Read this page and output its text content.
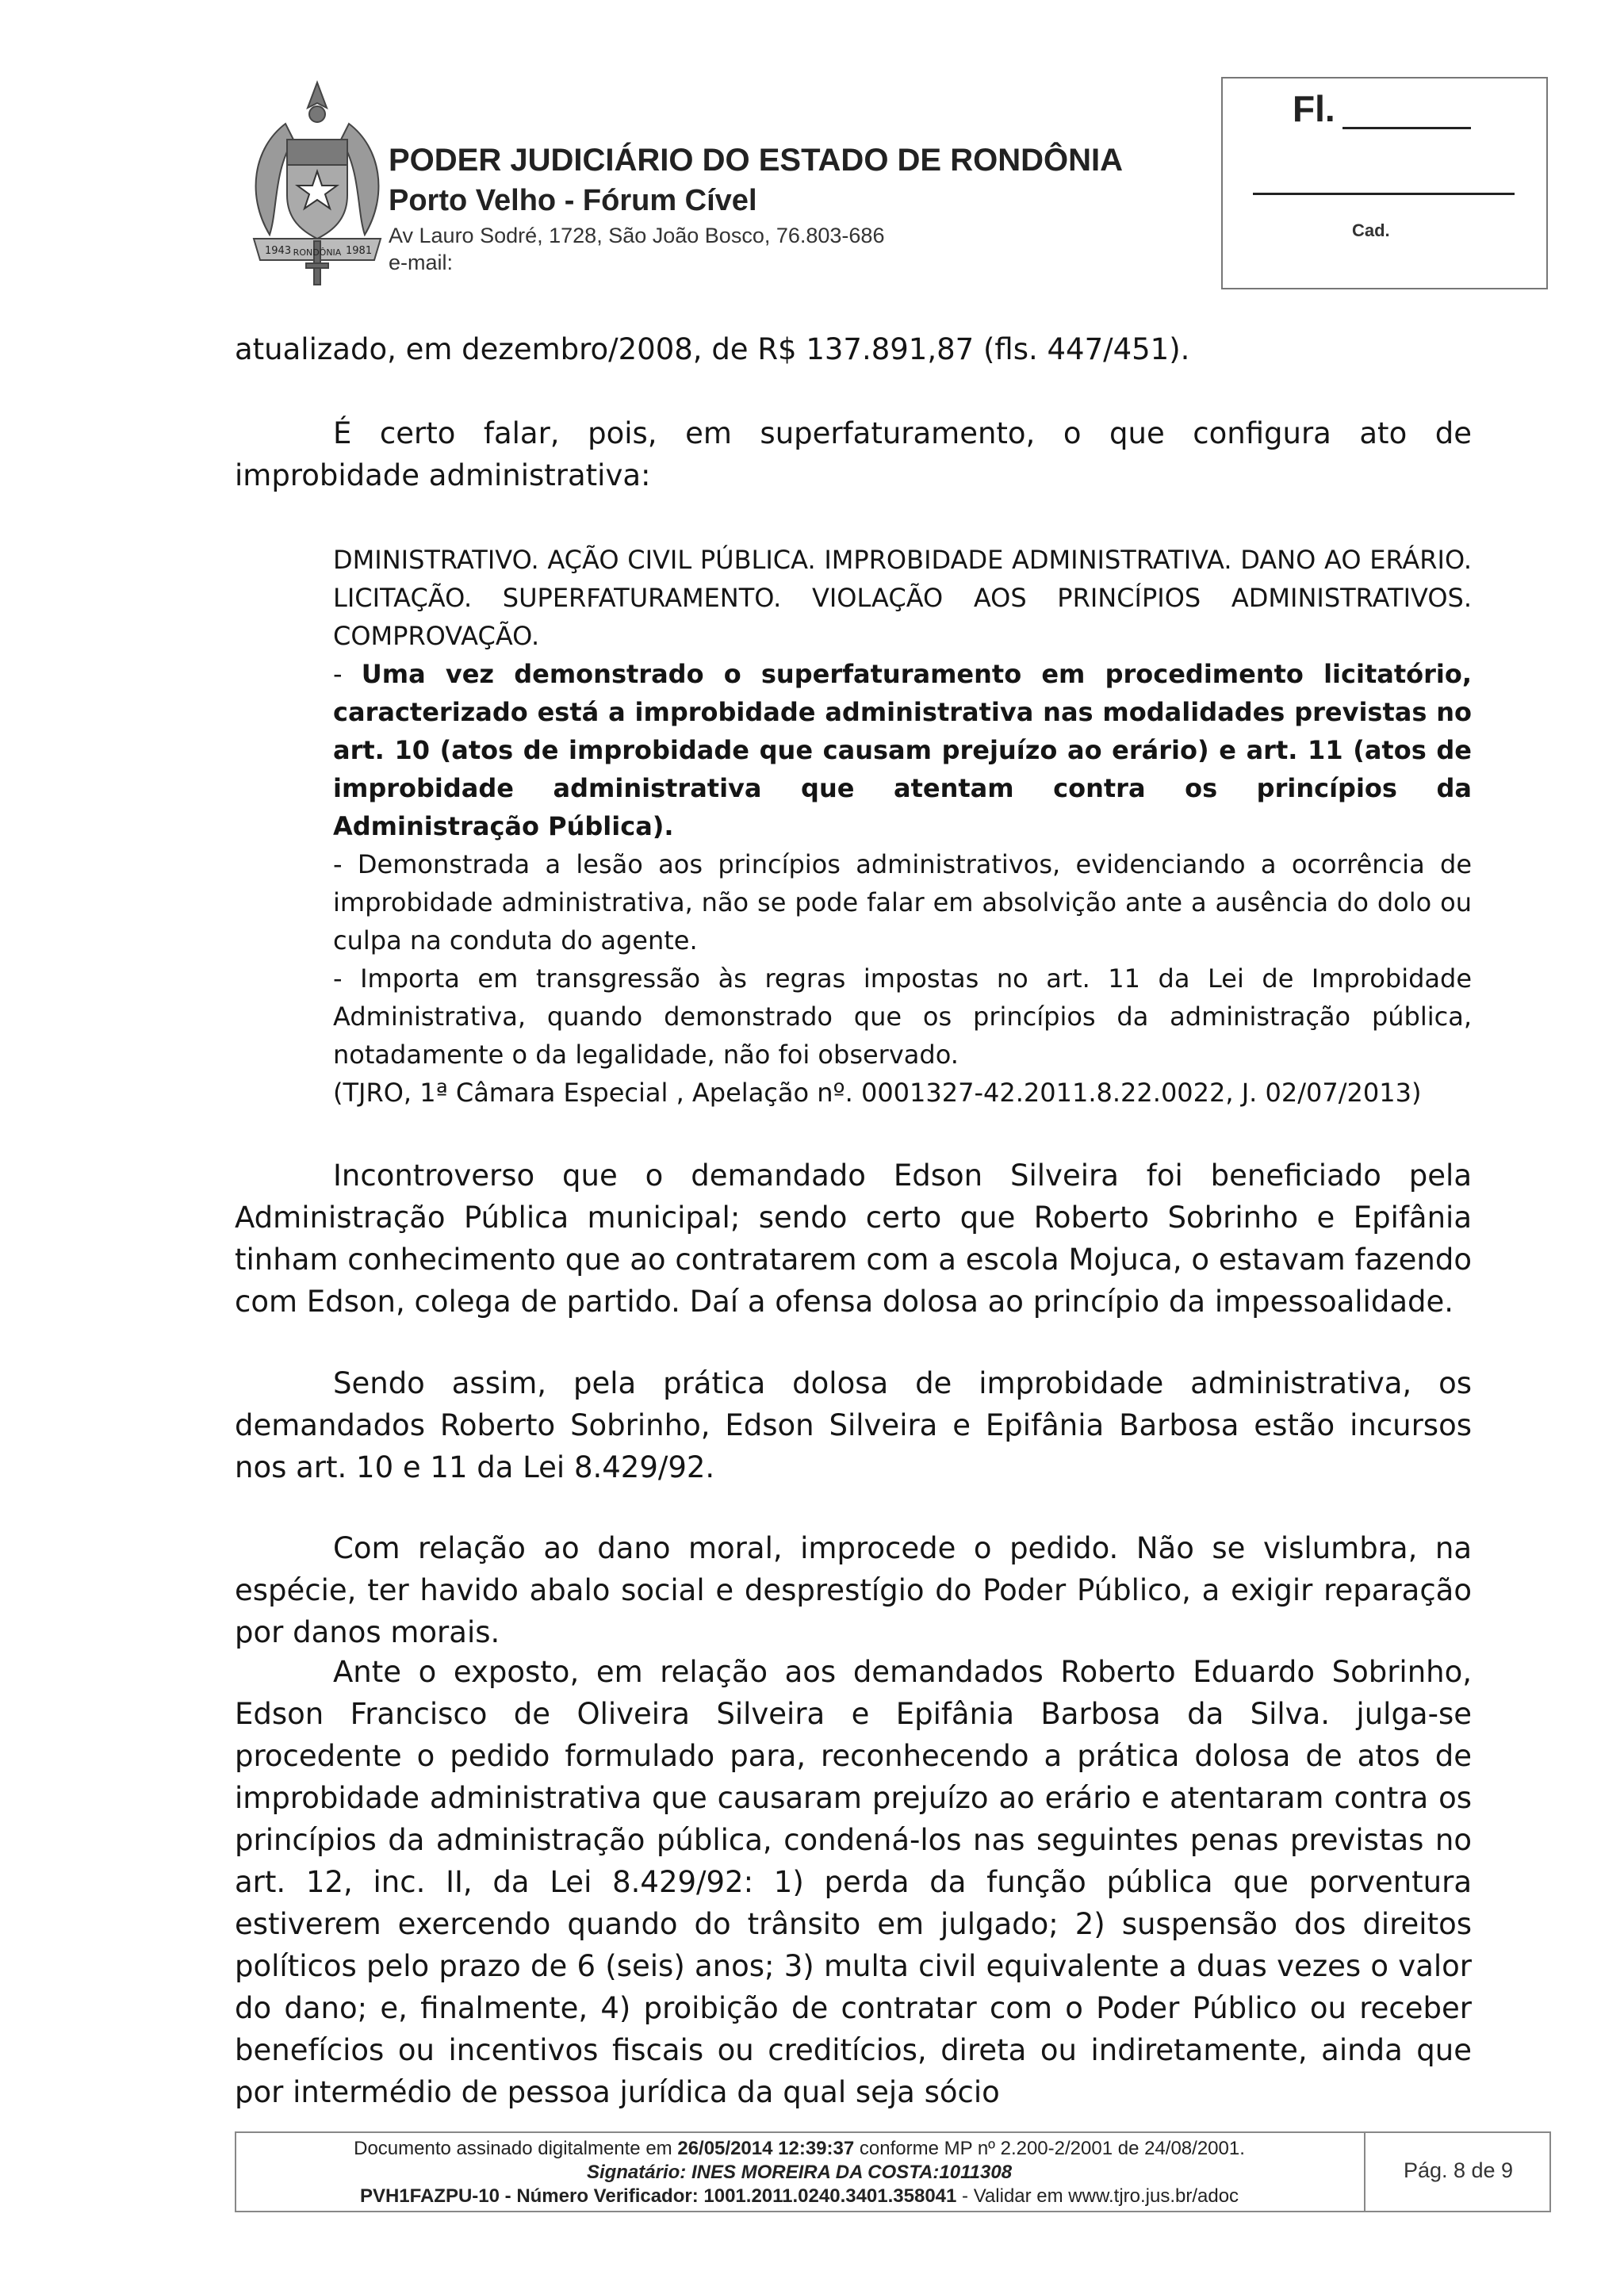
1943 RONDÔNIA 1981
PODER JUDICIÁRIO DO ESTADO DE RONDÔNIA
Porto Velho - Fórum Cível
Av Lauro Sodré, 1728, São João Bosco, 76.803-686
e-mail:
Fl.
Cad.

atualizado, em dezembro/2008, de R$ 137.891,87 (fls. 447/451).

É certo falar, pois, em superfaturamento, o que configura ato de improbidade administrativa:

DMINISTRATIVO. AÇÃO CIVIL PÚBLICA. IMPROBIDADE ADMINISTRATIVA. DANO AO ERÁRIO. LICITAÇÃO. SUPERFATURAMENTO. VIOLAÇÃO AOS PRINCÍPIOS ADMINISTRATIVOS. COMPROVAÇÃO.

- Uma vez demonstrado o superfaturamento em procedimento licitatório, caracterizado está a improbidade administrativa nas modalidades previstas no art. 10 (atos de improbidade que causam prejuízo ao erário) e art. 11 (atos de improbidade administrativa que atentam contra os princípios da Administração Pública).

- Demonstrada a lesão aos princípios administrativos, evidenciando a ocorrência de improbidade administrativa, não se pode falar em absolvição ante a ausência do dolo ou culpa na conduta do agente.

- Importa em transgressão às regras impostas no art. 11 da Lei de Improbidade Administrativa, quando demonstrado que os princípios da administração pública, notadamente o da legalidade, não foi observado.

(TJRO, 1ª Câmara Especial , Apelação nº. 0001327-42.2011.8.22.0022, J. 02/07/2013)

Incontroverso que o demandado Edson Silveira foi beneficiado pela Administração Pública municipal; sendo certo que Roberto Sobrinho e Epifânia tinham conhecimento que ao contratarem com a escola Mojuca, o estavam fazendo com Edson, colega de partido. Daí a ofensa dolosa ao princípio da impessoalidade.

Sendo assim, pela prática dolosa de improbidade administrativa, os demandados Roberto Sobrinho, Edson Silveira e Epifânia Barbosa estão incursos nos art. 10 e 11 da Lei 8.429/92.

Com relação ao dano moral, improcede o pedido. Não se vislumbra, na espécie, ter havido abalo social e desprestígio do Poder Público, a exigir reparação por danos morais.

Ante o exposto, em relação aos demandados Roberto Eduardo Sobrinho, Edson Francisco de Oliveira Silveira e Epifânia Barbosa da Silva. julga-se procedente o pedido formulado para, reconhecendo a prática dolosa de atos de improbidade administrativa que causaram prejuízo ao erário e atentaram contra os princípios da administração pública, condená-los nas seguintes penas previstas no art. 12, inc. II, da Lei 8.429/92: 1) perda da função pública que porventura estiverem exercendo quando do trânsito em julgado; 2) suspensão dos direitos políticos pelo prazo de 6 (seis) anos; 3) multa civil equivalente a duas vezes o valor do dano; e, finalmente, 4) proibição de contratar com o Poder Público ou receber benefícios ou incentivos fiscais ou creditícios, direta ou indiretamente, ainda que por intermédio de pessoa jurídica da qual seja sócio

Documento assinado digitalmente em 26/05/2014 12:39:37 conforme MP nº 2.200-2/2001 de 24/08/2001.
Signatário: INES MOREIRA DA COSTA:1011308
PVH1FAZPU-10 - Número Verificador: 1001.2011.0240.3401.358041 - Validar em www.tjro.jus.br/adoc
Pág. 8 de 9
